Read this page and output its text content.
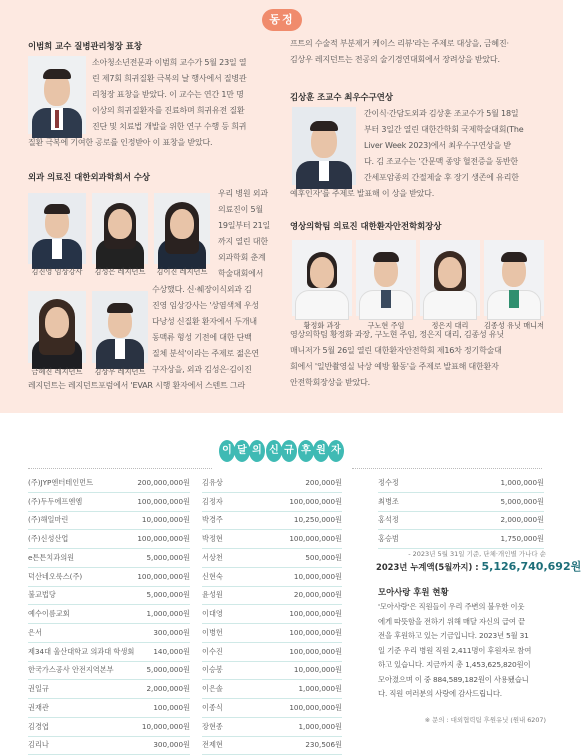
동정
이범희 교수 질병관리청장 표창
소아청소년전문과 이범희 교수가 5월 23일 열
린 제7회 희귀질환 극복의 날 행사에서 질병관
리청장 표창을 받았다. 이 교수는 연간 1만 명
이상의 희귀질환자를 진료하며 희귀유전 질환
진단 및 치료법 개발을 위한 연구 수행 등 희귀
질환 극복에 기여한 공로를 인정받아 이 표창을 받았다.
외과 의료진 대한외과학회서 수상
우리 병원 외과
의료진이 5월
19일부터 21일
까지 열린 대한
외과학회 춘계
학술대회에서
수상했다. 신·췌장이식외과 김
진영 임상강사는 '상염색체 우성
다낭성 신질환 환자에서 두개내
동맥류 형성 기전에 대한 단백
질체 분석'이라는 주제로 젊은연
구자상을, 외과 김성은·김이진
레지던트는 레지던트포럼에서 'EVAR 시행 환자에서 스텐트 그라
프트의 수술적 부분제거 케이스 리뷰'라는 주제로 대상을, 금혜진·
김상우 레지던트는 전공의 술기경연대회에서 장려상을 받았다.
김상훈 조교수 최우수구연상
간이식·간담도외과 김상훈 조교수가 5월 18일
부터 3일간 열린 대한간학회 국제학술대회(The
Liver Week 2023)에서 최우수구연상을 받
다. 김 조교수는 '간문맥 종양 혈전증을 동반한
간세포암종의 간절제술 후 장기 생존에 유리한
예후인자'를 주제로 발표해 이 상을 받았다.
영상의학팀 의료진 대한환자안전학회장상
영상의학팀 황정화 과장, 구노현 주임, 정은지 대리, 김종성 유닛
매니저가 5월 26일 열린 대한환자안전학회 제16차 정기학술대
회에서 '일반촬영실 낙상 예방 활동'을 주제로 발표해 대한환자
안전학회장상을 받았다.
김진영 임상강사	김성은 레지던트	김이진 레지던트
금혜진 레지던트	김상우 레지던트
황정화 과장	구노현 주임	정은지 대리	김종성 유닛 매니저
이 달 의 신 규 후 원 자
(주)JYP엔터테인먼트	200,000,000원
(주)두두에프엔엠	100,000,000원
(주)해일마린	10,000,000원
(주)신성산업	100,000,000원
e튼튼치과의원	5,000,000원
덕산네오룩스(주)	100,000,000원
불교법당	5,000,000원
예수이름교회	1,000,000원
은서	300,000원
제34대 울산대학교 의과대 학생회	140,000원
한국가스공사 안전지역본부	5,000,000원
권일규	2,000,000원
권재관	100,000원
김경엽	10,000,000원
김리나	300,000원
김유상	200,000원
김정자	100,000,000원
박경주	10,250,000원
박정현	100,000,000원
서상천	500,000원
신현숙	10,000,000원
윤성원	20,000,000원
이대영	100,000,000원
이병헌	100,000,000원
이수진	100,000,000원
이승봉	10,000,000원
이은솔	1,000,000원
이종식	100,000,000원
장현종	1,000,000원
전제현	230,506원
정수정	1,000,000원
최병조	5,000,000원
홍석정	2,000,000원
홍승범	1,750,000원
- 2023년 5월 31일 기준, 단체·개인별 가나다 순
2023년 누계액(5월까지) : 5,126,740,692원
모아사랑 후원 현황
'모아사랑'은 직원들이 우리 주변의 불우한 이웃
에게 따뜻함을 전하기 위해 매달 자신의 급여 끝
전을 후원하고 있는 기금입니다. 2023년 5월 31
일 기준 우리 병원 직원 2,411명이 후원자로 참여
하고 있습니다. 지금까지 총 1,453,625,820원이
모아졌으며 이 중 884,589,182원이 사용됐습니
다. 직원 여러분의 사랑에 감사드립니다.
※ 문의 : 대외협력팀 후원유닛 (원내 6207)
